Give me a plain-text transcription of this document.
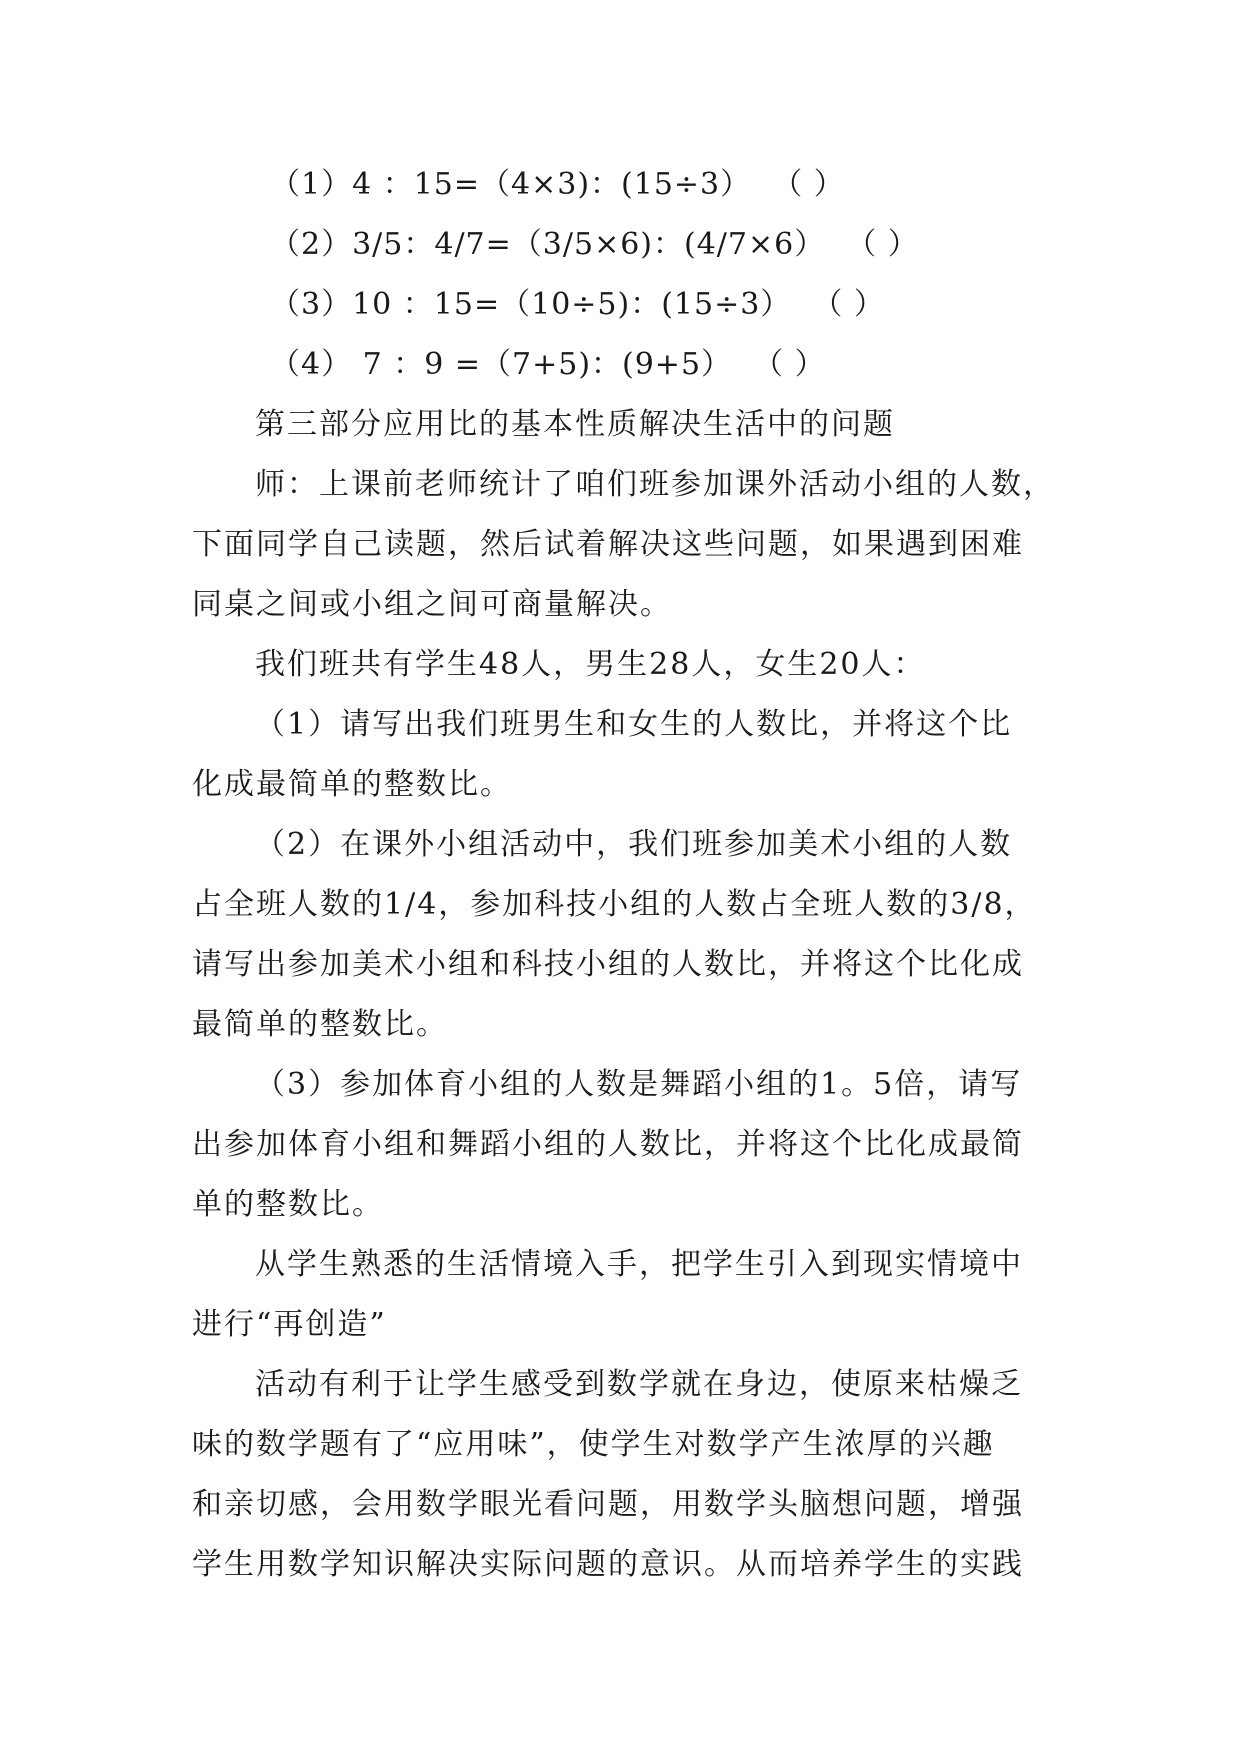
（1）4 ：15=（4×3)：(15÷3）  （ ）
（2）3/5：4/7=（3/5×6)：(4/7×6）  （ ）
（3）10 ：15=（10÷5)：(15÷3）  （ ）
（4） 7 ：9 =（7+5)：(9+5）  （ ）
第三部分应用比的基本性质解决生活中的问题
师：上课前老师统计了咱们班参加课外活动小组的人数，
下面同学自己读题，然后试着解决这些问题，如果遇到困难
同桌之间或小组之间可商量解决。
我们班共有学生48人，男生28人，女生20人：
（1）请写出我们班男生和女生的人数比，并将这个比
化成最简单的整数比。
（2）在课外小组活动中，我们班参加美术小组的人数
占全班人数的1/4，参加科技小组的人数占全班人数的3/8，
请写出参加美术小组和科技小组的人数比，并将这个比化成
最简单的整数比。
（3）参加体育小组的人数是舞蹈小组的1。5倍，请写
出参加体育小组和舞蹈小组的人数比，并将这个比化成最简
单的整数比。
从学生熟悉的生活情境入手，把学生引入到现实情境中
进行“再创造”
活动有利于让学生感受到数学就在身边，使原来枯燥乏
味的数学题有了“应用味”，使学生对数学产生浓厚的兴趣
和亲切感，会用数学眼光看问题，用数学头脑想问题，增强
学生用数学知识解决实际问题的意识。从而培养学生的实践
